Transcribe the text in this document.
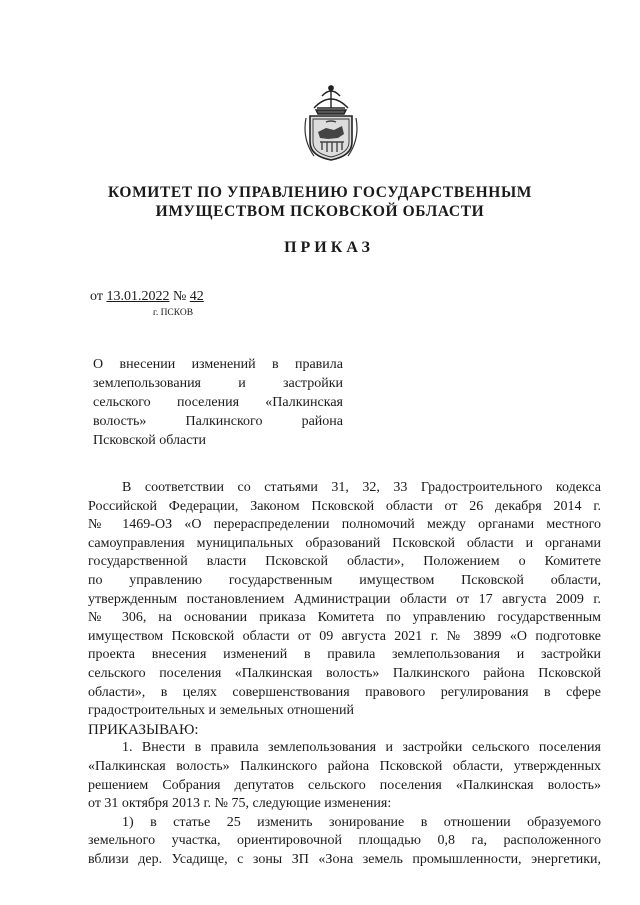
КОМИТЕТ ПО УПРАВЛЕНИЮ ГОСУДАРСТВЕННЫМ
ИМУЩЕСТВОМ ПСКОВСКОЙ ОБЛАСТИ
ПРИКАЗ
от 13.01.2022 № 42
г. ПСКОВ
О внесении изменений в правила
землепользования и застройки
сельского поселения «Палкинская
волость» Палкинского района
Псковской области
В соответствии со статьями 31, 32, 33 Градостроительного кодекса
Российской Федерации, Законом Псковской области от 26 декабря 2014 г.
№ 1469-ОЗ «О перераспределении полномочий между органами местного
самоуправления муниципальных образований Псковской области и органами
государственной власти Псковской области», Положением о Комитете
по управлению государственным имуществом Псковской области,
утвержденным постановлением Администрации области от 17 августа 2009 г.
№ 306, на основании приказа Комитета по управлению государственным
имуществом Псковской области от 09 августа 2021 г. № 3899 «О подготовке
проекта внесения изменений в правила землепользования и застройки
сельского поселения «Палкинская волость» Палкинского района Псковской
области», в целях совершенствования правового регулирования в сфере
градостроительных и земельных отношений
ПРИКАЗЫВАЮ:
1. Внести в правила землепользования и застройки сельского поселения
«Палкинская волость» Палкинского района Псковской области, утвержденных
решением Собрания депутатов сельского поселения «Палкинская волость»
от 31 октября 2013 г. № 75, следующие изменения:
1) в статье 25 изменить зонирование в отношении образуемого
земельного участка, ориентировочной площадью 0,8 га, расположенного
вблизи дер. Усадище, с зоны ЗП «Зона земель промышленности, энергетики,
